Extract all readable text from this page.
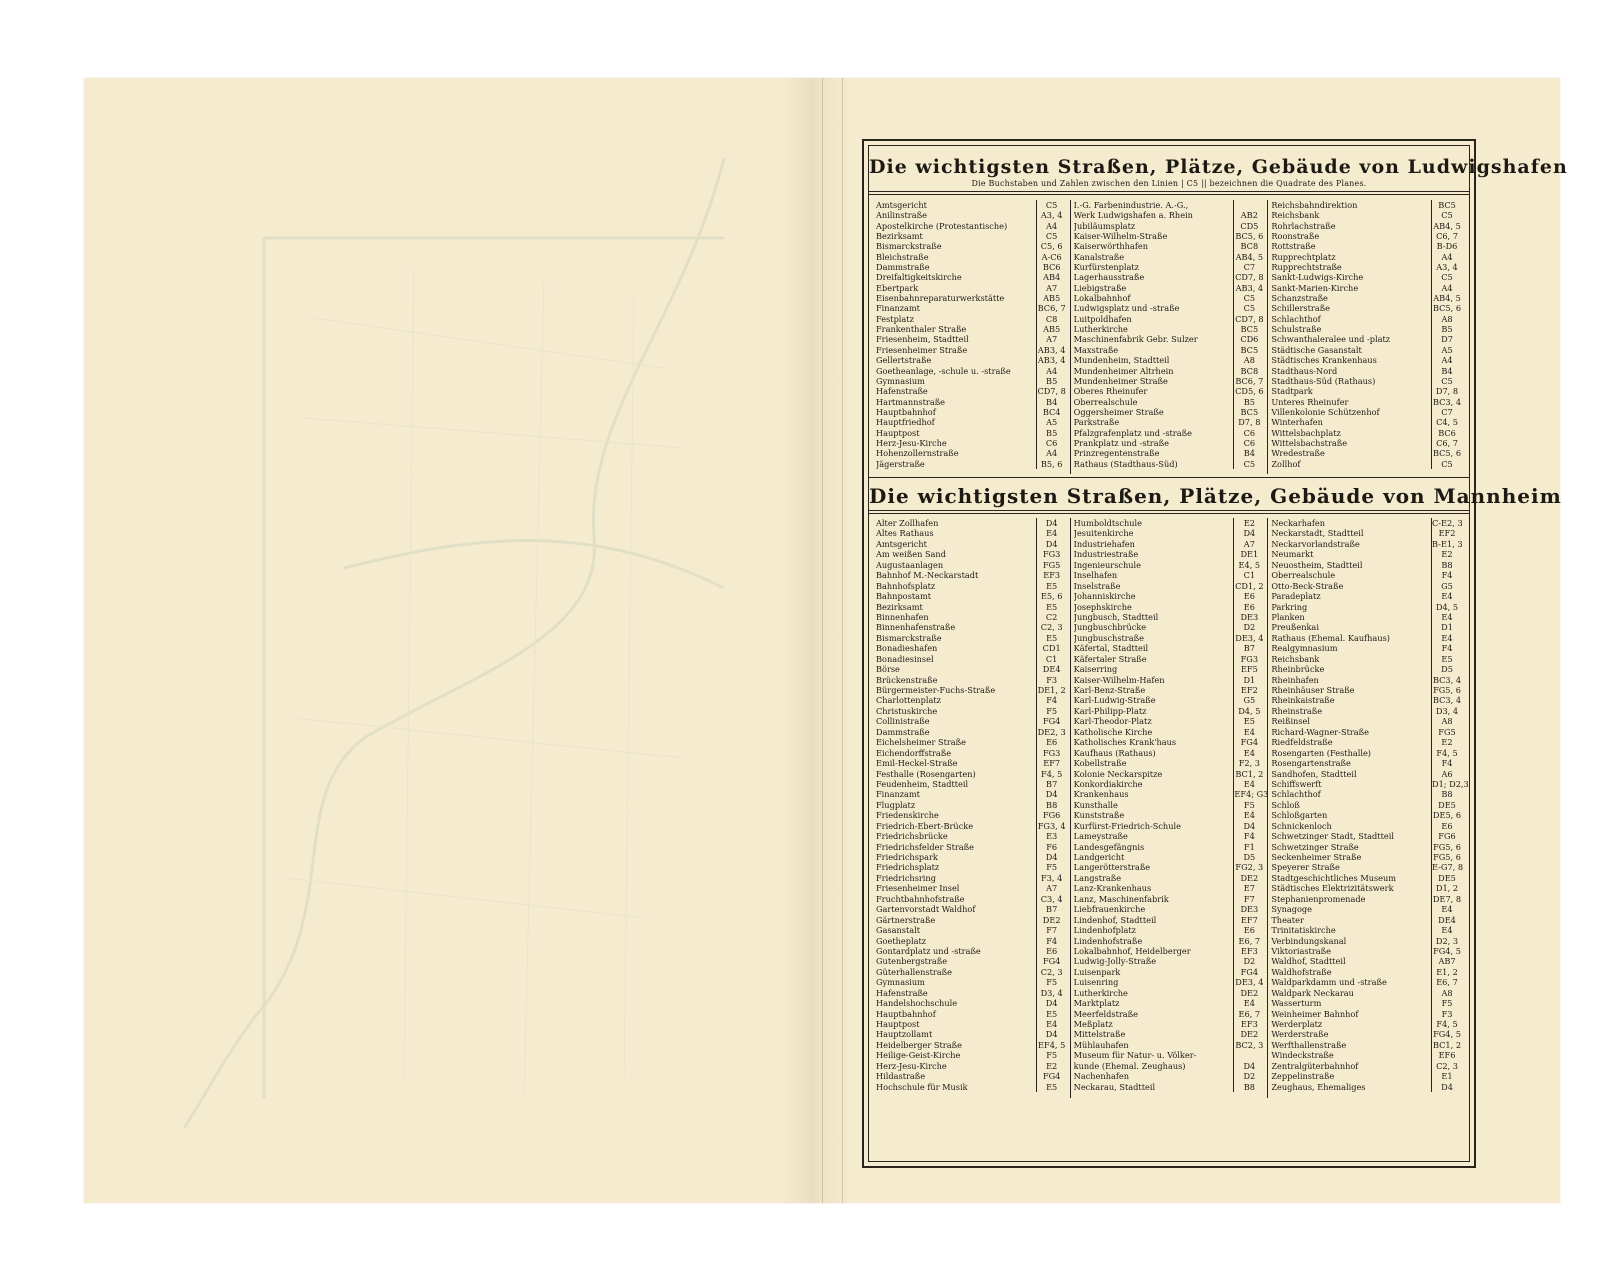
Die wichtigsten Straßen, Plätze, Gebäude von Ludwigshafen
Die Buchstaben und Zahlen zwischen den Linien | C5 || bezeichnen die Quadrate des Planes.
Amtsgericht	C5
Anilinstraße	A3, 4
Apostelkirche (Protestantische)	A4
Bezirksamt	C5
Bismarckstraße	C5, 6
Bleichstraße	A-C6
Dammstraße	BC6
Dreifaltigkeitskirche	AB4
Ebertpark	A7
Eisenbahnreparaturwerkstätte	AB5
Finanzamt	BC6, 7
Festplatz	C8
Frankenthaler Straße	AB5
Friesenheim, Stadtteil	A7
Friesenheimer Straße	AB3, 4
Gellertstraße	AB3, 4
Goetheanlage, -schule u. -straße	A4
Gymnasium	B5
Hafenstraße	CD7, 8
Hartmannstraße	B4
Hauptbahnhof	BC4
Hauptfriedhof	A5
Hauptpost	B5
Herz-Jesu-Kirche	C6
Hohenzollernstraße	A4
Jägerstraße	B5, 6
I.-G. Farbenindustrie. A.-G.,
Werk Ludwigshafen a. Rhein	AB2
Jubiläumsplatz	CD5
Kaiser-Wilhelm-Straße	BC5, 6
Kaiserwörthhafen	BC8
Kanalstraße	AB4, 5
Kurfürstenplatz	C7
Lagerhausstraße	CD7, 8
Liebigstraße	AB3, 4
Lokalbahnhof	C5
Ludwigsplatz und -straße	C5
Luitpoldhafen	CD7, 8
Lutherkirche	BC5
Maschinenfabrik Gebr. Sulzer	CD6
Maxstraße	BC5
Mundenheim, Stadtteil	A8
Mundenheimer Altrhein	BC8
Mundenheimer Straße	BC6, 7
Oberes Rheinufer	CD5, 6
Oberrealschule	B5
Oggersheimer Straße	BC5
Parkstraße	D7, 8
Pfalzgrafenplatz und -straße	C6
Prankplatz und -straße	C6
Prinzregentenstraße	B4
Rathaus (Stadthaus-Süd)	C5
Reichsbahndirektion	BC5
Reichsbank	C5
Rohrlachstraße	AB4, 5
Roonstraße	C6, 7
Rottstraße	B-D6
Rupprechtplatz	A4
Rupprechtstraße	A3, 4
Sankt-Ludwigs-Kirche	C5
Sankt-Marien-Kirche	A4
Schanzstraße	AB4, 5
Schillerstraße	BC5, 6
Schlachthof	A8
Schulstraße	B5
Schwanthaleralee und -platz	D7
Städtische Gasanstalt	A5
Städtisches Krankenhaus	A4
Stadthaus-Nord	B4
Stadthaus-Süd (Rathaus)	C5
Stadtpark	D7, 8
Unteres Rheinufer	BC3, 4
Villenkolonie Schützenhof	C7
Winterhafen	C4, 5
Wittelsbachplatz	BC6
Wittelsbachstraße	C6, 7
Wredestraße	BC5, 6
Zollhof	C5
Die wichtigsten Straßen, Plätze, Gebäude von Mannheim
Alter Zollhafen	D4
Altes Rathaus	E4
Amtsgericht	D4
Am weißen Sand	FG3
Augustaanlagen	FG5
Bahnhof M.-Neckarstadt	EF3
Bahnhofsplatz	E5
Bahnpostamt	E5, 6
Bezirksamt	E5
Binnenhafen	C2
Binnenhafenstraße	C2, 3
Bismarckstraße	E5
Bonadieshafen	CD1
Bonadiesinsel	C1
Börse	DE4
Brückenstraße	F3
Bürgermeister-Fuchs-Straße	DE1, 2
Charlottenplatz	F4
Christuskirche	F5
Collinistraße	FG4
Dammstraße	DE2, 3
Eichelsheimer Straße	E6
Eichendorffstraße	FG3
Emil-Heckel-Straße	EF7
Festhalle (Rosengarten)	F4, 5
Feudenheim, Stadtteil	B7
Finanzamt	D4
Flugplatz	B8
Friedenskirche	FG6
Friedrich-Ebert-Brücke	FG3, 4
Friedrichsbrücke	E3
Friedrichsfelder Straße	F6
Friedrichspark	D4
Friedrichsplatz	F5
Friedrichsring	F3, 4
Friesenheimer Insel	A7
Fruchtbahnhofstraße	C3, 4
Gartenvorstadt Waldhof	B7
Gärtnerstraße	DE2
Gasanstalt	F7
Goetheplatz	F4
Gontardplatz und -straße	E6
Gutenbergstraße	FG4
Güterhallenstraße	C2, 3
Gymnasium	F5
Hafenstraße	D3, 4
Handelshochschule	D4
Hauptbahnhof	E5
Hauptpost	E4
Hauptzollamt	D4
Heidelberger Straße	EF4, 5
Heilige-Geist-Kirche	F5
Herz-Jesu-Kirche	E2
Hildastraße	FG4
Hochschule für Musik	E5
Humboldtschule	E2
Jesuitenkirche	D4
Industriehafen	A7
Industriestraße	DE1
Ingenieurschule	E4, 5
Inselhafen	C1
Inselstraße	CD1, 2
Johanniskirche	E6
Josephskirche	E6
Jungbusch, Stadtteil	DE3
Jungbuschbrücke	D2
Jungbuschstraße	DE3, 4
Käfertal, Stadtteil	B7
Käfertaler Straße	FG3
Kaiserring	EF5
Kaiser-Wilhelm-Hafen	D1
Karl-Benz-Straße	EF2
Karl-Ludwig-Straße	G5
Karl-Philipp-Platz	D4, 5
Karl-Theodor-Platz	E5
Katholische Kirche	E4
Katholisches Krank'haus	FG4
Kaufhaus (Rathaus)	E4
Kobellstraße	F2, 3
Kolonie Neckarspitze	BC1, 2
Konkordiakirche	E4
Krankenhaus	EF4; G3
Kunsthalle	F5
Kunststraße	E4
Kurfürst-Friedrich-Schule	D4
Lameystraße	F4
Landesgefängnis	F1
Landgericht	D5
Langerötterstraße	FG2, 3
Langstraße	DE2
Lanz-Krankenhaus	E7
Lanz, Maschinenfabrik	F7
Liebfrauenkirche	DE3
Lindenhof, Stadtteil	EF7
Lindenhofplatz	E6
Lindenhofstraße	E6, 7
Lokalbahnhof, Heidelberger	EF3
Ludwig-Jolly-Straße	D2
Luisenpark	FG4
Luisenring	DE3, 4
Lutherkirche	DE2
Marktplatz	E4
Meerfeldstraße	E6, 7
Meßplatz	EF3
Mittelstraße	DE2
Mühlauhafen	BC2, 3
Museum für Natur- u. Völker-
kunde (Ehemal. Zeughaus)	D4
Nachenhafen	D2
Neckarau, Stadtteil	B8
Neckarhafen	C-E2, 3
Neckarstadt, Stadtteil	EF2
Neckarvorlandstraße	B-E1, 3
Neumarkt	E2
Neuostheim, Stadtteil	B8
Oberrealschule	F4
Otto-Beck-Straße	G5
Paradeplatz	E4
Parkring	D4, 5
Planken	E4
Preußenkai	D1
Rathaus (Ehemal. Kaufhaus)	E4
Realgymnasium	F4
Reichsbank	E5
Rheinbrücke	D5
Rheinhafen	BC3, 4
Rheinhäuser Straße	FG5, 6
Rheinkaistraße	BC3, 4
Rheinstraße	D3, 4
Reißinsel	A8
Richard-Wagner-Straße	FG5
Riedfeldstraße	E2
Rosengarten (Festhalle)	F4, 5
Rosengartenstraße	F4
Sandhofen, Stadtteil	A6
Schiffswerft	D1; D2,3
Schlachthof	B8
Schloß	DE5
Schloßgarten	DE5, 6
Schnickenloch	E6
Schwetzinger Stadt, Stadtteil	FG6
Schwetzinger Straße	FG5, 6
Seckenheimer Straße	FG5, 6
Speyerer Straße	E-G7, 8
Stadtgeschichtliches Museum	DE5
Städtisches Elektrizitätswerk	D1, 2
Stephanienpromenade	DE7, 8
Synagoge	E4
Theater	DE4
Trinitatiskirche	E4
Verbindungskanal	D2, 3
Viktoriastraße	FG4, 5
Waldhof, Stadtteil	AB7
Waldhofstraße	E1, 2
Waldparkdamm und -straße	E6, 7
Waldpark Neckarau	A8
Wasserturm	F5
Weinheimer Bahnhof	F3
Werderplatz	F4, 5
Werderstraße	FG4, 5
Werfthallenstraße	BC1, 2
Windeckstraße	EF6
Zentralgüterbahnhof	C2, 3
Zeppelinstraße	E1
Zeughaus, Ehemaliges	D4
